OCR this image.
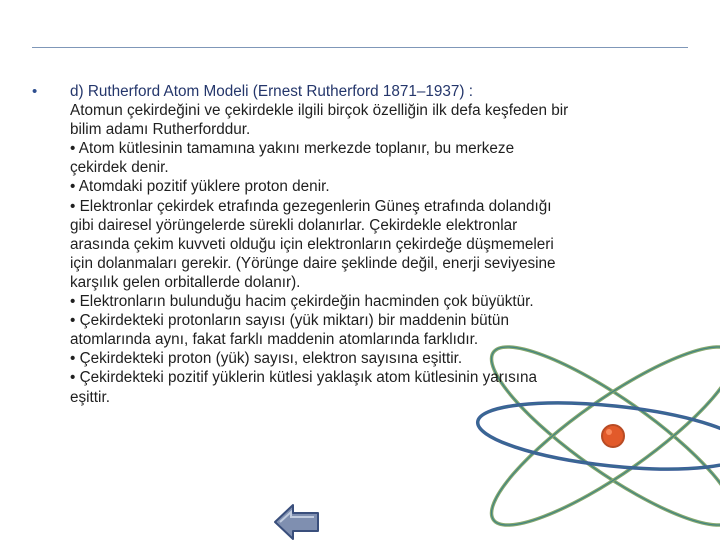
•	d) Rutherford Atom Modeli (Ernest Rutherford 1871–1937) :
Atomun çekirdeğini ve çekirdekle ilgili birçok özelliğin ilk defa keşfeden bir
bilim adamı Rutherforddur.
• Atom kütlesinin tamamına yakını merkezde toplanır, bu merkeze
çekirdek denir.
• Atomdaki pozitif yüklere proton denir.
• Elektronlar çekirdek etrafında gezegenlerin Güneş etrafında dolandığı
gibi dairesel yörüngelerde sürekli dolanırlar. Çekirdekle elektronlar
arasında çekim kuvveti olduğu için elektronların çekirdeğe düşmemeleri
için dolanmaları gerekir. (Yörünge daire şeklinde değil, enerji seviyesine
karşılık gelen orbitallerde dolanır).
• Elektronların bulunduğu hacim çekirdeğin hacminden çok büyüktür.
• Çekirdekteki protonların sayısı (yük miktarı) bir maddenin bütün
atomlarında aynı, fakat farklı maddenin atomlarında farklıdır.
• Çekirdekteki proton (yük) sayısı, elektron sayısına eşittir.
• Çekirdekteki pozitif yüklerin kütlesi yaklaşık atom kütlesinin yarısına
eşittir.
